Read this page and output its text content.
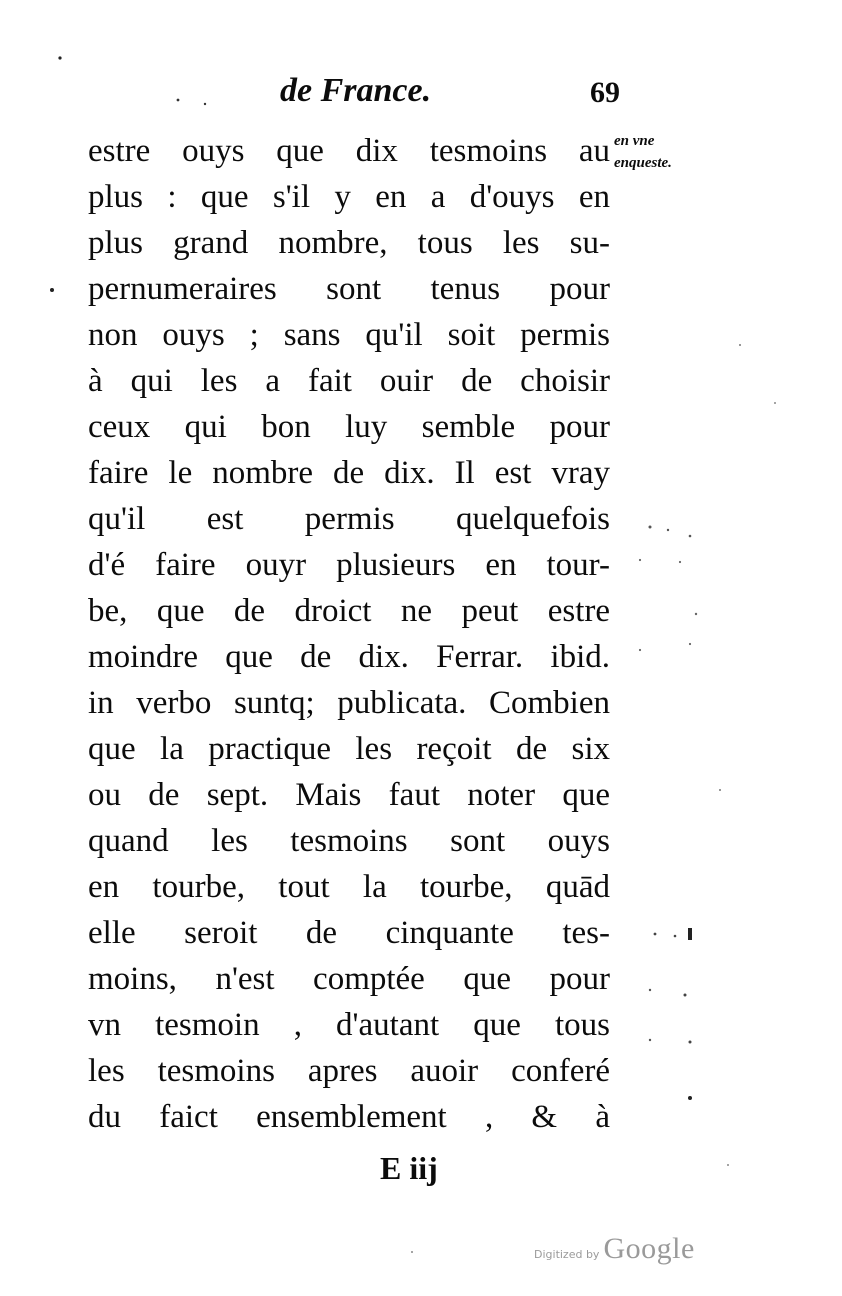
de France.	69
en vne
enqueste.
estre ouys que dix tesmoins au
plus : que s'il y en a d'ouys en
plus grand nombre, tous les su-
pernumeraires sont tenus pour
non ouys ; sans qu'il soit permis
à qui les a fait ouir de choisir
ceux qui bon luy semble pour
faire le nombre de dix. Il est vray
qu'il est permis quelquefois
d'é faire ouyr plusieurs en tour-
be, que de droict ne peut estre
moindre que de dix. Ferrar. ibid.
in verbo suntq; publicata. Combien
que la practique les reçoit de six
ou de sept. Mais faut noter que
quand les tesmoins sont ouys
en tourbe, tout la tourbe, quād
elle seroit de cinquante tes-
moins, n'est comptée que pour
vn tesmoin , d'autant que tous
les tesmoins apres auoir conferé
du faict ensemblement , & à
E iij
Digitized by Google
